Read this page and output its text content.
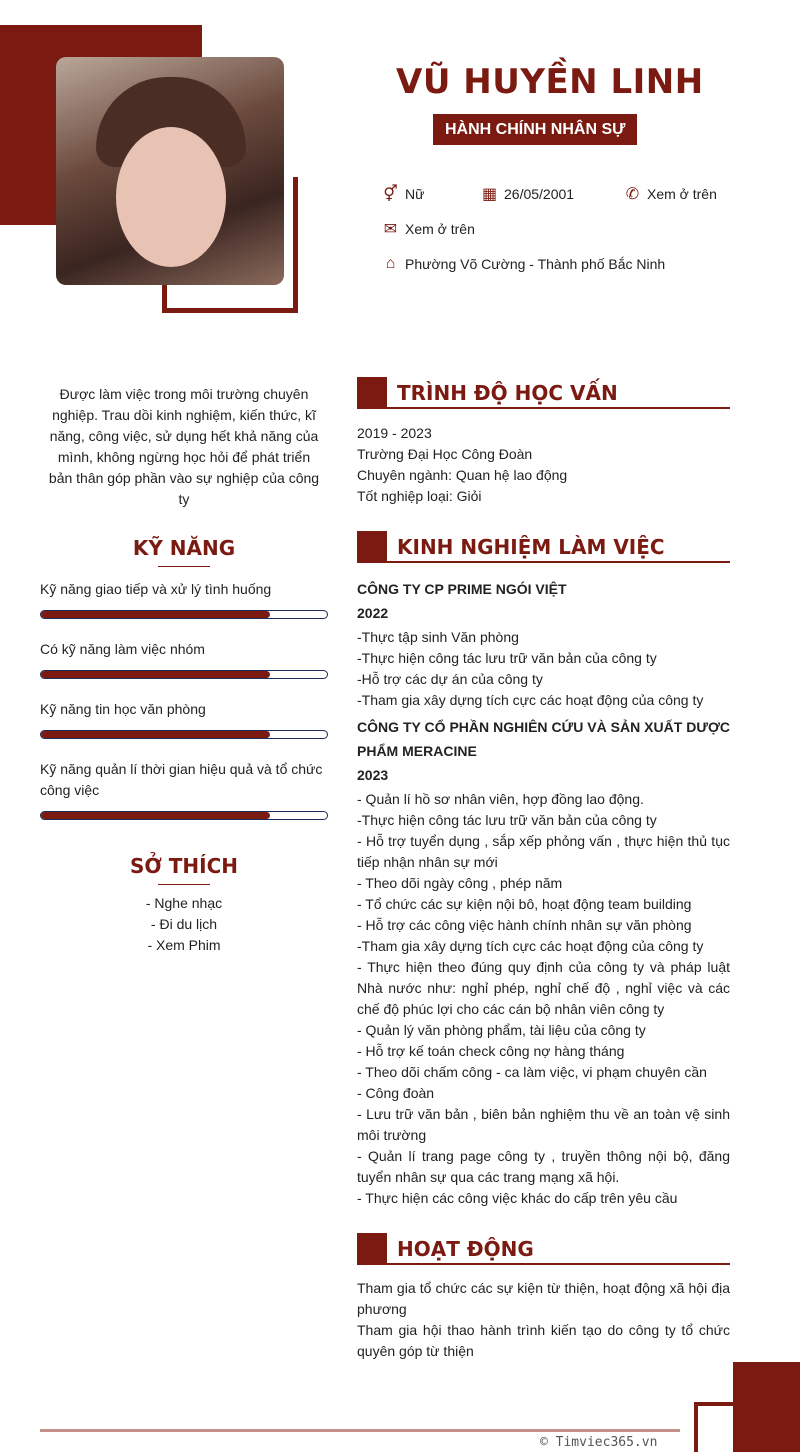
VŨ HUYỀN LINH
HÀNH CHÍNH NHÂN SỰ
⚥ Nữ	▦ 26/05/2001	✆ Xem ở trên
✉ Xem ở trên
⌂ Phường Võ Cường - Thành phố Bắc Ninh
Được làm việc trong môi trường chuyên nghiệp. Trau dồi kinh nghiệm, kiến thức, kĩ năng, công việc, sử dụng hết khả năng của mình, không ngừng học hỏi để phát triển bản thân góp phần vào sự nghiệp của công ty
KỸ NĂNG
Kỹ năng giao tiếp và xử lý tình huống
Có kỹ năng làm việc nhóm
Kỹ năng tin học văn phòng
Kỹ năng quản lí thời gian hiệu quả và tổ chức công việc
SỞ THÍCH
- Nghe nhạc
- Đi du lịch
- Xem Phim
TRÌNH ĐỘ HỌC VẤN
2019 - 2023
Trường Đại Học Công Đoàn
Chuyên ngành: Quan hệ lao động
Tốt nghiệp loại: Giỏi
KINH NGHIỆM LÀM VIỆC
CÔNG TY CP PRIME NGÓI VIỆT
2022
-Thực tập sinh Văn phòng
-Thực hiện công tác lưu trữ văn bản của công ty
-Hỗ trợ các dự án của công ty
-Tham gia xây dựng tích cực các hoạt động của công ty
CÔNG TY CỔ PHẦN NGHIÊN CỨU VÀ SẢN XUẤT DƯỢC PHẨM MERACINE
2023
- Quản lí hồ sơ nhân viên, hợp đồng lao động.
-Thực hiện công tác lưu trữ văn bản của công ty
- Hỗ trợ tuyển dụng , sắp xếp phỏng vấn , thực hiện thủ tục tiếp nhận nhân sự mới
- Theo dõi ngày công , phép năm
- Tổ chức các sự kiện nội bô, hoạt động team building
- Hỗ trợ các công việc hành chính nhân sự văn phòng
-Tham gia xây dựng tích cực các hoạt động của công ty
- Thực hiện theo đúng quy định của công ty và pháp luật Nhà nước như: nghỉ phép, nghỉ chế độ , nghỉ việc và các chế độ phúc lợi cho các cán bộ nhân viên công ty
- Quản lý văn phòng phẩm, tài liệu của công ty
- Hỗ trợ kế toán check công nợ hàng tháng
- Theo dõi chấm công - ca làm việc, vi phạm chuyên cần
- Công đoàn
- Lưu trữ văn bản , biên bản nghiệm thu về an toàn vệ sinh môi trường
- Quản lí trang page công ty , truyền thông nội bộ, đăng tuyển nhân sự qua các trang mạng xã hội.
- Thực hiện các công việc khác do cấp trên yêu cầu
HOẠT ĐỘNG
Tham gia tổ chức các sự kiện từ thiện, hoạt động xã hội địa phương
Tham gia hội thao hành trình kiến tạo do công ty tổ chức quyên góp từ thiện
© Timviec365.vn
